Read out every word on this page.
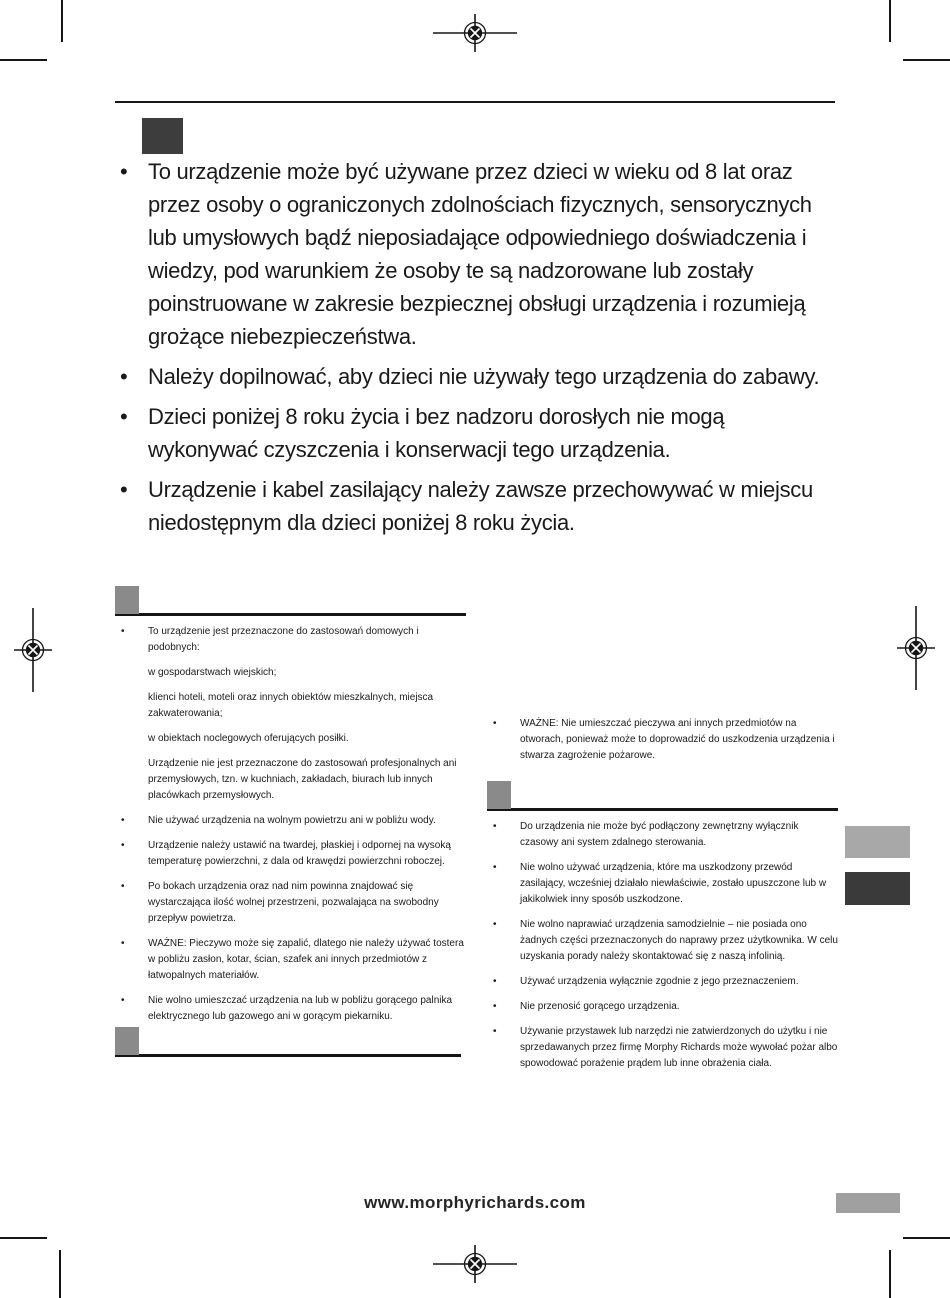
• To urządzenie może być używane przez dzieci w wieku od 8 lat oraz przez osoby o ograniczonych zdolnościach fizycznych, sensorycznych lub umysłowych bądź nieposiadające odpowiedniego doświadczenia i wiedzy, pod warunkiem że osoby te są nadzorowane lub zostały poinstruowane w zakresie bezpiecznej obsługi urządzenia i rozumieją grożące niebezpieczeństwa.
• Należy dopilnować, aby dzieci nie używały tego urządzenia do zabawy.
• Dzieci poniżej 8 roku życia i bez nadzoru dorosłych nie mogą wykonywać czyszczenia i konserwacji tego urządzenia.
• Urządzenie i kabel zasilający należy zawsze przechowywać w miejscu niedostępnym dla dzieci poniżej 8 roku życia.
• To urządzenie jest przeznaczone do zastosowań domowych i podobnych:
w gospodarstwach wiejskich;
klienci hoteli, moteli oraz innych obiektów mieszkalnych, miejsca zakwaterowania;
w obiektach noclegowych oferujących posiłki.
Urządzenie nie jest przeznaczone do zastosowań profesjonalnych ani przemysłowych, tzn. w kuchniach, zakładach, biurach lub innych placówkach przemysłowych.
• Nie używać urządzenia na wolnym powietrzu ani w pobliżu wody.
• Urządzenie należy ustawić na twardej, płaskiej i odpornej na wysoką temperaturę powierzchni, z dala od krawędzi powierzchni roboczej.
• Po bokach urządzenia oraz nad nim powinna znajdować się wystarczająca ilość wolnej przestrzeni, pozwalająca na swobodny przepływ powietrza.
• WAŻNE: Pieczywo może się zapalić, dlatego nie należy używać tostera w pobliżu zasłon, kotar, ścian, szafek ani innych przedmiotów z łatwopalnych materiałów.
• Nie wolno umieszczać urządzenia na lub w pobliżu gorącego palnika elektrycznego lub gazowego ani w gorącym piekarniku.
• WAŻNE: Nie umieszczać pieczywa ani innych przedmiotów na otworach, ponieważ może to doprowadzić do uszkodzenia urządzenia i stwarza zagrożenie pożarowe.
• Do urządzenia nie może być podłączony zewnętrzny wyłącznik czasowy ani system zdalnego sterowania.
• Nie wolno używać urządzenia, które ma uszkodzony przewód zasilający, wcześniej działało niewłaściwie, zostało upuszczone lub w jakikolwiek inny sposób uszkodzone.
• Nie wolno naprawiać urządzenia samodzielnie – nie posiada ono żadnych części przeznaczonych do naprawy przez użytkownika. W celu uzyskania porady należy skontaktować się z naszą infolinią.
• Używać urządzenia wyłącznie zgodnie z jego przeznaczeniem.
• Nie przenosić gorącego urządzenia.
• Używanie przystawek lub narzędzi nie zatwierdzonych do użytku i nie sprzedawanych przez firmę Morphy Richards może wywołać pożar albo spowodować porażenie prądem lub inne obrażenia ciała.
www.morphyrichards.com
